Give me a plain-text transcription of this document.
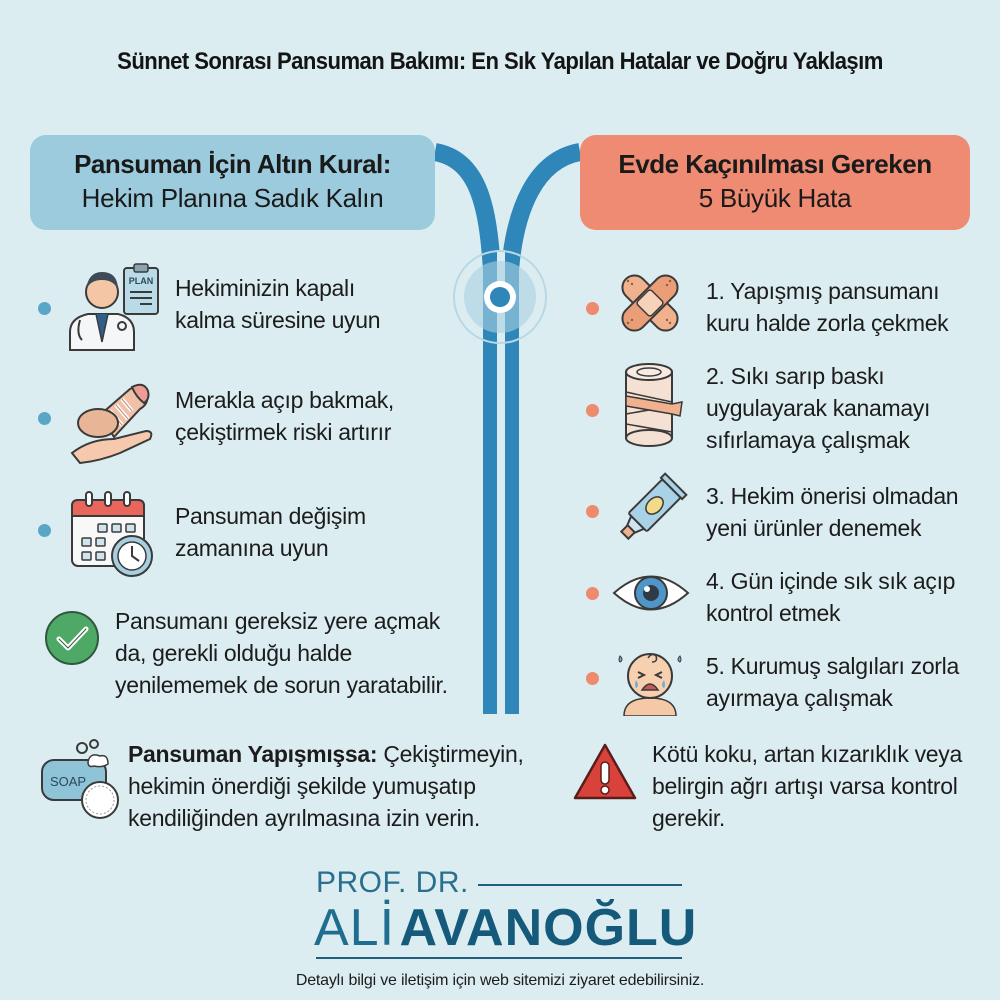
Sünnet Sonrası Pansuman Bakımı: En Sık Yapılan Hatalar ve Doğru Yaklaşım
Pansuman İçin Altın Kural:
Hekim Planına Sadık Kalın
Evde Kaçınılması Gereken
5 Büyük Hata
PLAN Hekiminizin kapalı
kalma süresine uyun
Merakla açıp bakmak,
çekiştirmek riski artırır
Pansuman değişim
zamanına uyun
Pansumanı gereksiz yere açmak
da, gerekli olduğu halde
yenilememek de sorun yaratabilir.
SOAP
Pansuman Yapışmışsa: Çekiştirmeyin,
hekimin önerdiği şekilde yumuşatıp
kendiliğinden ayrılmasına izin verin.
1. Yapışmış pansumanı
kuru halde zorla çekmek
2. Sıkı sarıp baskı
uygulayarak kanamayı
sıfırlamaya çalışmak
3. Hekim önerisi olmadan
yeni ürünler denemek
4. Gün içinde sık sık açıp
kontrol etmek
5. Kurumuş salgıları zorla
ayırmaya çalışmak
Kötü koku, artan kızarıklık veya
belirgin ağrı artışı varsa kontrol
gerekir.
PROF. DR.
ALİ AVANOĞLU
Detaylı bilgi ve iletişim için web sitemizi ziyaret edebilirsiniz.
